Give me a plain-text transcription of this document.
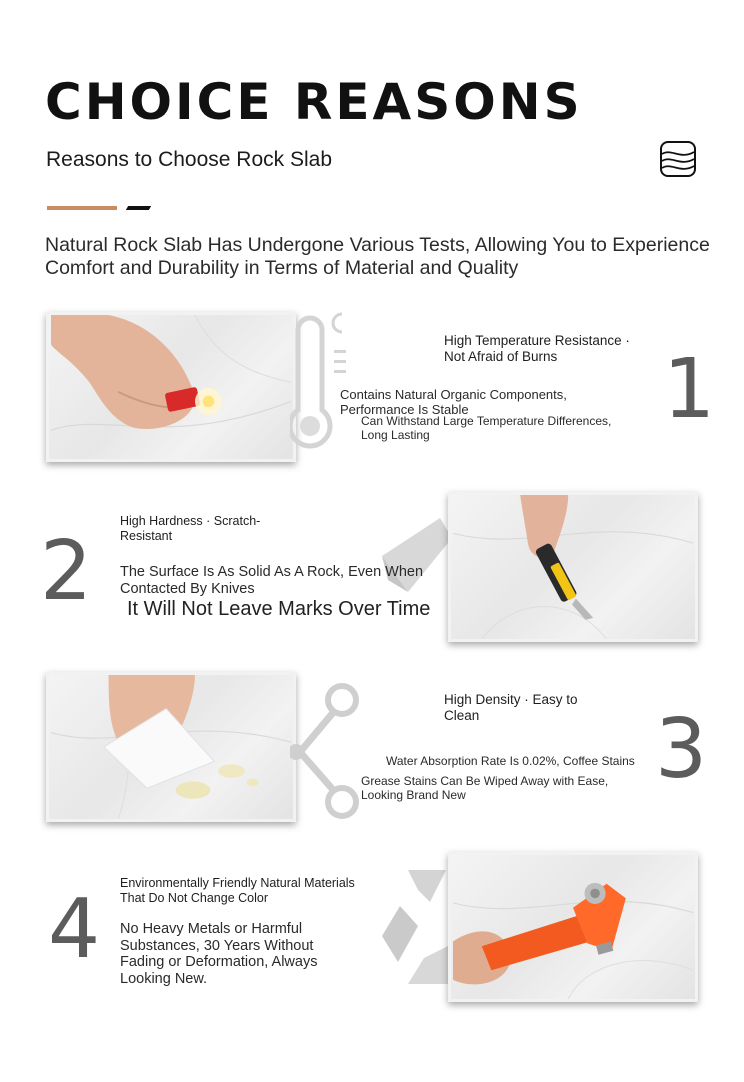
CHOICE REASONS
Reasons to Choose Rock Slab
Natural Rock Slab Has Undergone Various Tests, Allowing You to Experience Comfort and Durability in Terms of Material and Quality
High Temperature Resistance · Not Afraid of Burns
Contains Natural Organic Components, Performance Is Stable
Can Withstand Large Temperature Differences, Long Lasting	1
2
High Hardness · Scratch-Resistant
The Surface Is As Solid As A Rock, Even When Contacted By Knives
It Will Not Leave Marks Over Time
High Density · Easy to Clean
Water Absorption Rate Is 0.02%, Coffee Stains
Grease Stains Can Be Wiped Away with Ease, Looking Brand New	3
4 Environmentally Friendly Natural Materials That Do Not Change Color
No Heavy Metals or Harmful Substances, 30 Years Without Fading or Deformation, Always Looking New.
